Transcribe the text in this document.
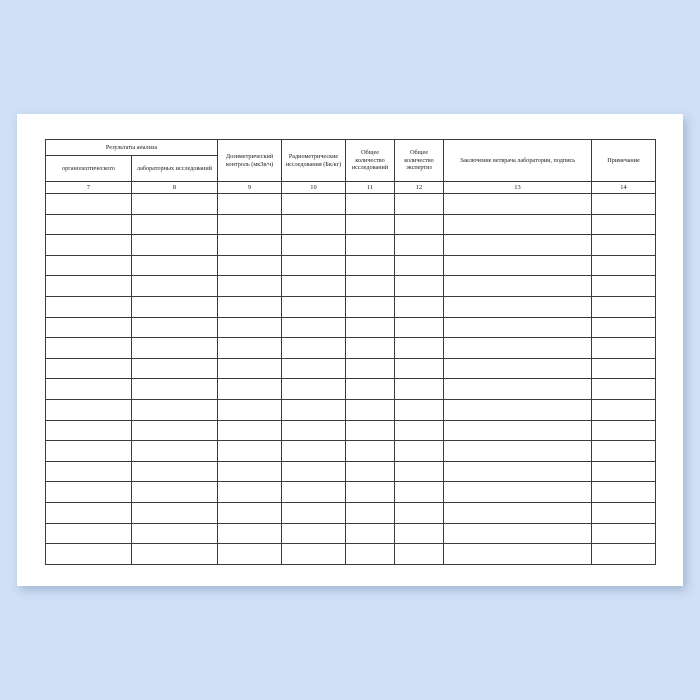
Результаты анализа		Дозиметрический контроль (мкЗв/ч)	Радиометрические исследования (Бк/кг)	Общее количество исследований	Общее количество экспертиз	Заключение ветврача лаборатории, подпись	Примечание
органолептического	лабораторных исследований						
7	8	9	10	11	12	13	14
